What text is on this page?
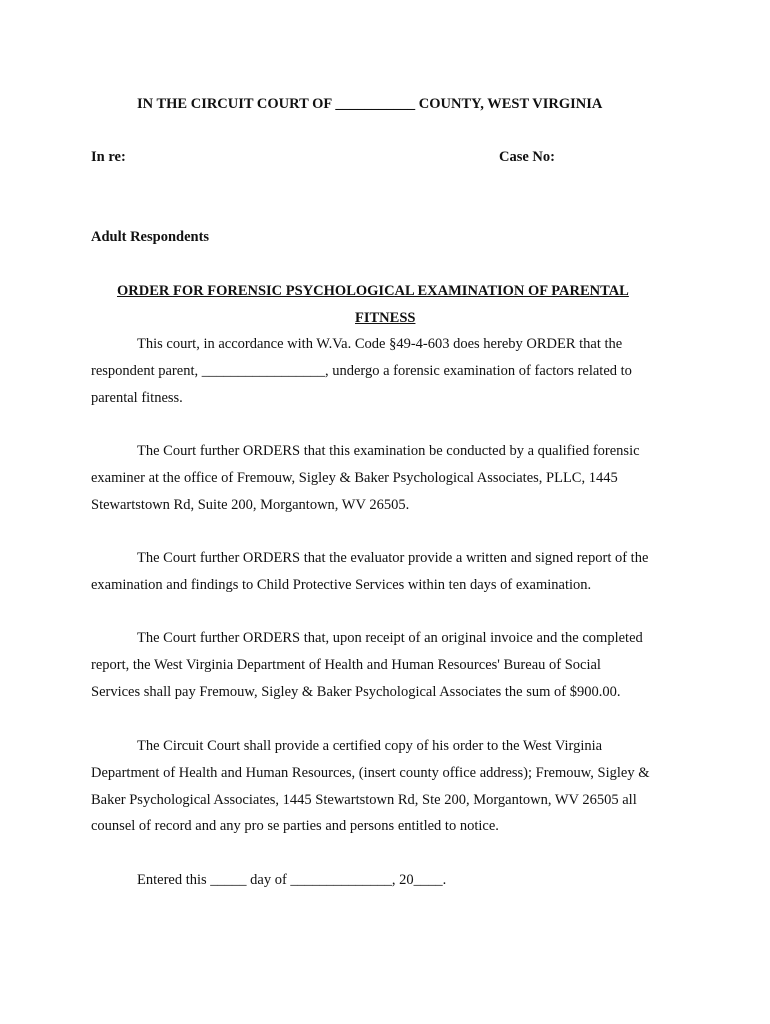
IN THE CIRCUIT COURT OF ___________ COUNTY, WEST VIRGINIA
In re:	Case No:
Adult Respondents
ORDER FOR FORENSIC PSYCHOLOGICAL EXAMINATION OF PARENTAL
FITNESS
This court, in accordance with W.Va. Code §49-4-603 does hereby ORDER that the
respondent parent, _________________, undergo a forensic examination of factors related to
parental fitness.
The Court further ORDERS that this examination be conducted by a qualified forensic
examiner at the office of Fremouw, Sigley & Baker Psychological Associates, PLLC, 1445
Stewartstown Rd, Suite 200, Morgantown, WV 26505.
The Court further ORDERS that the evaluator provide a written and signed report of the
examination and findings to Child Protective Services within ten days of examination.
The Court further ORDERS that, upon receipt of an original invoice and the completed
report, the West Virginia Department of Health and Human Resources' Bureau of Social
Services shall pay Fremouw, Sigley & Baker Psychological Associates the sum of $900.00.
The Circuit Court shall provide a certified copy of his order to the West Virginia
Department of Health and Human Resources, (insert county office address); Fremouw, Sigley &
Baker Psychological Associates, 1445 Stewartstown Rd, Ste 200, Morgantown, WV 26505 all
counsel of record and any pro se parties and persons entitled to notice.
Entered this _____ day of ______________, 20____.
